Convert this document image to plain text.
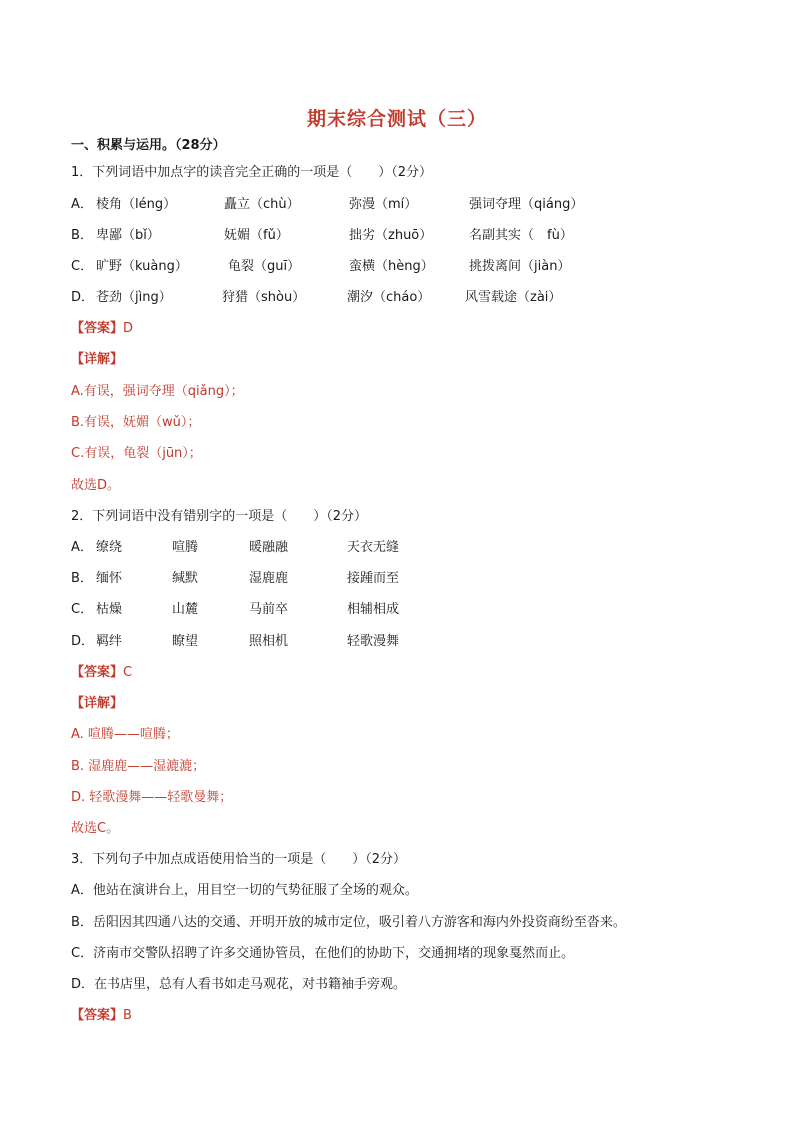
期末综合测试（三）
一、积累与运用。（28分）
1．下列词语中加点字的读音完全正确的一项是（　　）（2分）
A． 棱角（léng）	矗立（chù）	弥漫（mí）	强词夺理（qiáng）
B． 卑鄙（bǐ）	妩媚（fǔ）	拙劣（zhuō）	名副其实（　fù）
C． 旷野（kuàng）	龟裂（guī）	蛮横（hèng）	挑拨离间（jiàn）
D． 苍劲（jìng）	狩猎（shòu）	潮汐（cháo）	风雪载途（zài）
【答案】D
【详解】
A.有误，强词夺理（qiǎng）；
B.有误，妩媚（wǔ）；
C.有误，龟裂（jūn）；
故选D。
2．下列词语中没有错别字的一项是（　　）（2分）
A． 缭绕	喧腾	暖融融	天衣无缝
B． 缅怀	缄默	湿鹿鹿	接踵而至
C． 枯燥	山麓	马前卒	相辅相成
D． 羁绊	瞭望	照相机	轻歌漫舞
【答案】C
【详解】
A. 喧腾——喧腾；
B. 湿鹿鹿——湿漉漉；
D. 轻歌漫舞——轻歌曼舞；
故选C。
3．下列句子中加点成语使用恰当的一项是（　　）（2分）
A．他站在演讲台上，用目空一切的气势征服了全场的观众。
B．岳阳因其四通八达的交通、开明开放的城市定位，吸引着八方游客和海内外投资商纷至沓来。
C．济南市交警队招聘了许多交通协管员，在他们的协助下，交通拥堵的现象戛然而止。
D．在书店里，总有人看书如走马观花，对书籍袖手旁观。
【答案】B
